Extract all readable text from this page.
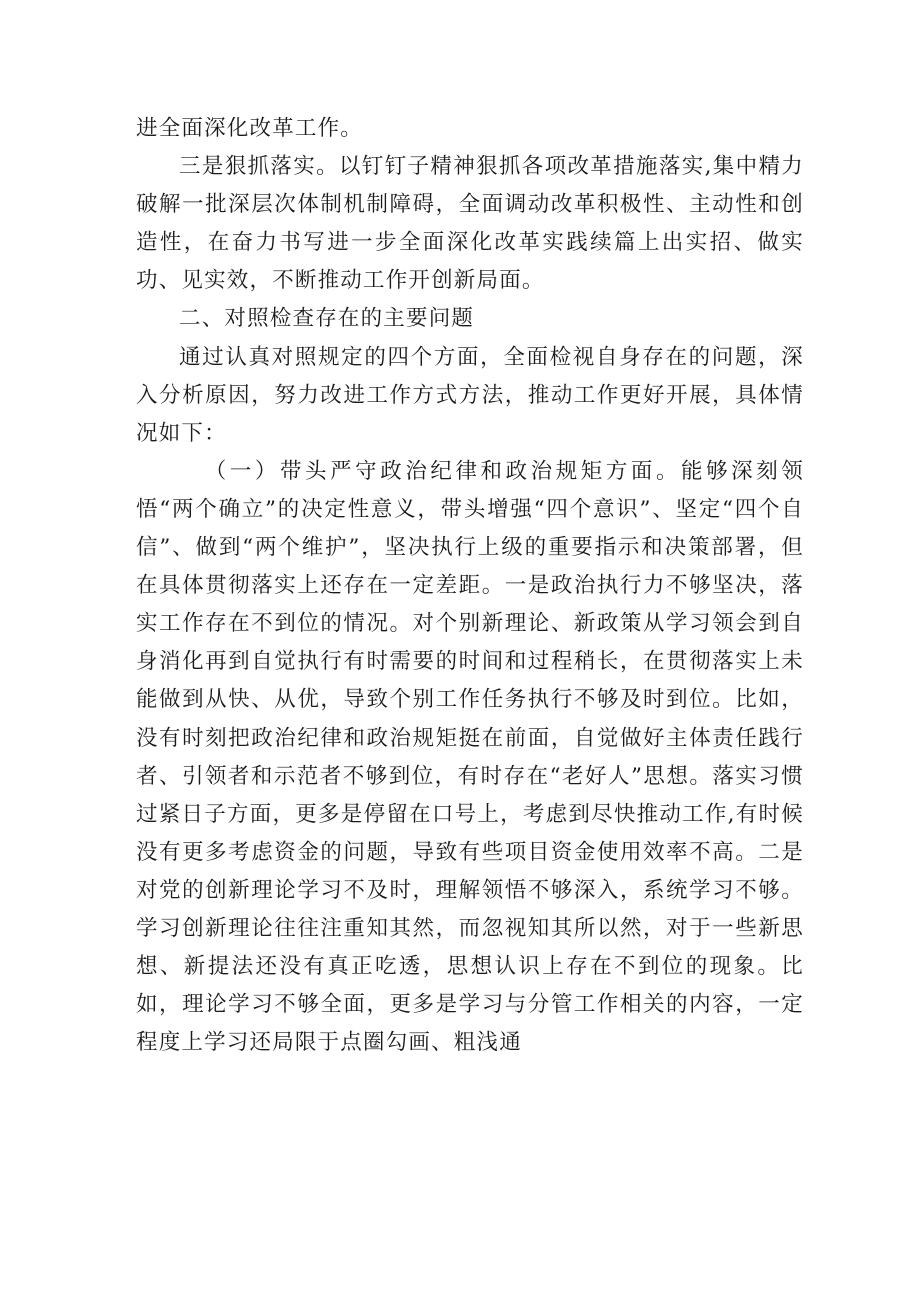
进全面深化改革工作。

三是狠抓落实。以钉钉子精神狠抓各项改革措施落实,集中精力破解一批深层次体制机制障碍，全面调动改革积极性、主动性和创造性，在奋力书写进一步全面深化改革实践续篇上出实招、做实功、见实效，不断推动工作开创新局面。

二、对照检查存在的主要问题

通过认真对照规定的四个方面，全面检视自身存在的问题，深入分析原因，努力改进工作方式方法，推动工作更好开展，具体情况如下：

（一）带头严守政治纪律和政治规矩方面。能够深刻领悟“两个确立”的决定性意义，带头增强“四个意识”、坚定“四个自信”、做到“两个维护”，坚决执行上级的重要指示和决策部署，但在具体贯彻落实上还存在一定差距。一是政治执行力不够坚决，落实工作存在不到位的情况。对个别新理论、新政策从学习领会到自身消化再到自觉执行有时需要的时间和过程稍长，在贯彻落实上未能做到从快、从优，导致个别工作任务执行不够及时到位。比如，没有时刻把政治纪律和政治规矩挺在前面，自觉做好主体责任践行者、引领者和示范者不够到位，有时存在“老好人”思想。落实习惯过紧日子方面，更多是停留在口号上，考虑到尽快推动工作,有时候没有更多考虑资金的问题，导致有些项目资金使用效率不高。二是对党的创新理论学习不及时，理解领悟不够深入，系统学习不够。学习创新理论往往注重知其然，而忽视知其所以然，对于一些新思想、新提法还没有真正吃透，思想认识上存在不到位的现象。比如，理论学习不够全面，更多是学习与分管工作相关的内容，一定程度上学习还局限于点圈勾画、粗浅通
